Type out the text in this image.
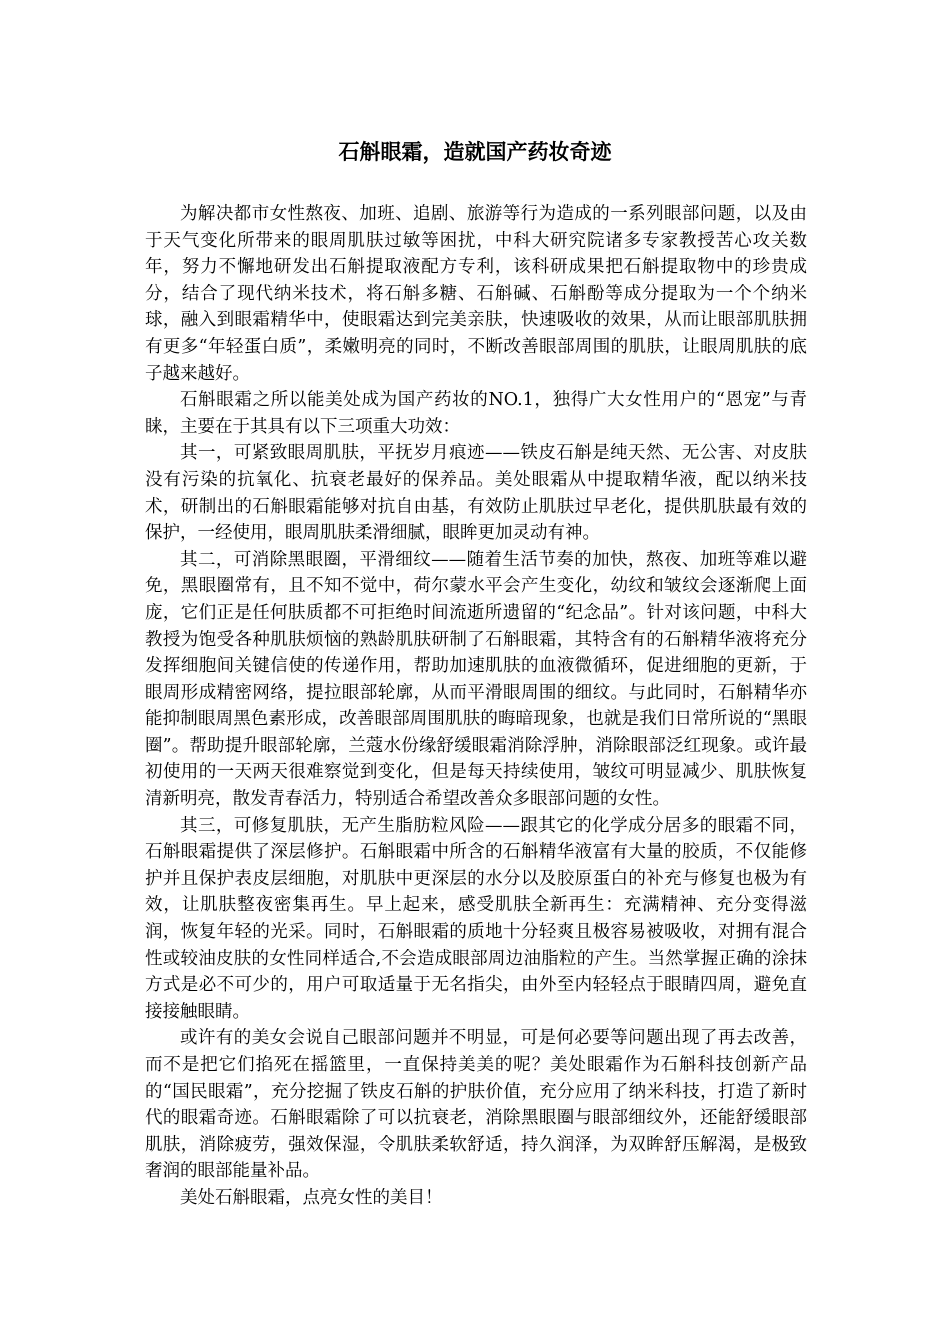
石斛眼霜，造就国产药妆奇迹

为解决都市女性熬夜、加班、追剧、旅游等行为造成的一系列眼部问题，以及由于天气变化所带来的眼周肌肤过敏等困扰，中科大研究院诸多专家教授苦心攻关数年，努力不懈地研发出石斛提取液配方专利，该科研成果把石斛提取物中的珍贵成分，结合了现代纳米技术，将石斛多糖、石斛碱、石斛酚等成分提取为一个个纳米球，融入到眼霜精华中，使眼霜达到完美亲肤，快速吸收的效果，从而让眼部肌肤拥有更多“年轻蛋白质”，柔嫩明亮的同时，不断改善眼部周围的肌肤，让眼周肌肤的底子越来越好。

石斛眼霜之所以能美处成为国产药妆的NO.1，独得广大女性用户的“恩宠”与青睐，主要在于其具有以下三项重大功效：

其一，可紧致眼周肌肤，平抚岁月痕迹——铁皮石斛是纯天然、无公害、对皮肤没有污染的抗氧化、抗衰老最好的保养品。美处眼霜从中提取精华液，配以纳米技术，研制出的石斛眼霜能够对抗自由基，有效防止肌肤过早老化，提供肌肤最有效的保护，一经使用，眼周肌肤柔滑细腻，眼眸更加灵动有神。

其二，可消除黑眼圈，平滑细纹——随着生活节奏的加快，熬夜、加班等难以避免，黑眼圈常有，且不知不觉中，荷尔蒙水平会产生变化，幼纹和皱纹会逐渐爬上面庞，它们正是任何肤质都不可拒绝时间流逝所遗留的“纪念品”。针对该问题，中科大教授为饱受各种肌肤烦恼的熟龄肌肤研制了石斛眼霜，其特含有的石斛精华液将充分发挥细胞间关键信使的传递作用，帮助加速肌肤的血液微循环，促进细胞的更新，于眼周形成精密网络，提拉眼部轮廓，从而平滑眼周围的细纹。与此同时，石斛精华亦能抑制眼周黑色素形成，改善眼部周围肌肤的晦暗现象，也就是我们日常所说的“黑眼圈”。帮助提升眼部轮廓，兰蔻水份缘舒缓眼霜消除浮肿，消除眼部泛红现象。或许最初使用的一天两天很难察觉到变化，但是每天持续使用，皱纹可明显减少、肌肤恢复清新明亮，散发青春活力，特别适合希望改善众多眼部问题的女性。

其三，可修复肌肤，无产生脂肪粒风险——跟其它的化学成分居多的眼霜不同，石斛眼霜提供了深层修护。石斛眼霜中所含的石斛精华液富有大量的胶质，不仅能修护并且保护表皮层细胞，对肌肤中更深层的水分以及胶原蛋白的补充与修复也极为有效，让肌肤整夜密集再生。早上起来，感受肌肤全新再生：充满精神、充分变得滋润，恢复年轻的光采。同时，石斛眼霜的质地十分轻爽且极容易被吸收，对拥有混合性或较油皮肤的女性同样适合,不会造成眼部周边油脂粒的产生。当然掌握正确的涂抹方式是必不可少的，用户可取适量于无名指尖，由外至内轻轻点于眼睛四周，避免直接接触眼睛。

或许有的美女会说自己眼部问题并不明显，可是何必要等问题出现了再去改善，而不是把它们掐死在摇篮里，一直保持美美的呢？美处眼霜作为石斛科技创新产品的“国民眼霜”，充分挖掘了铁皮石斛的护肤价值，充分应用了纳米科技，打造了新时代的眼霜奇迹。石斛眼霜除了可以抗衰老，消除黑眼圈与眼部细纹外，还能舒缓眼部肌肤，消除疲劳，强效保湿，令肌肤柔软舒适，持久润泽，为双眸舒压解渴，是极致奢润的眼部能量补品。

美处石斛眼霜，点亮女性的美目！
